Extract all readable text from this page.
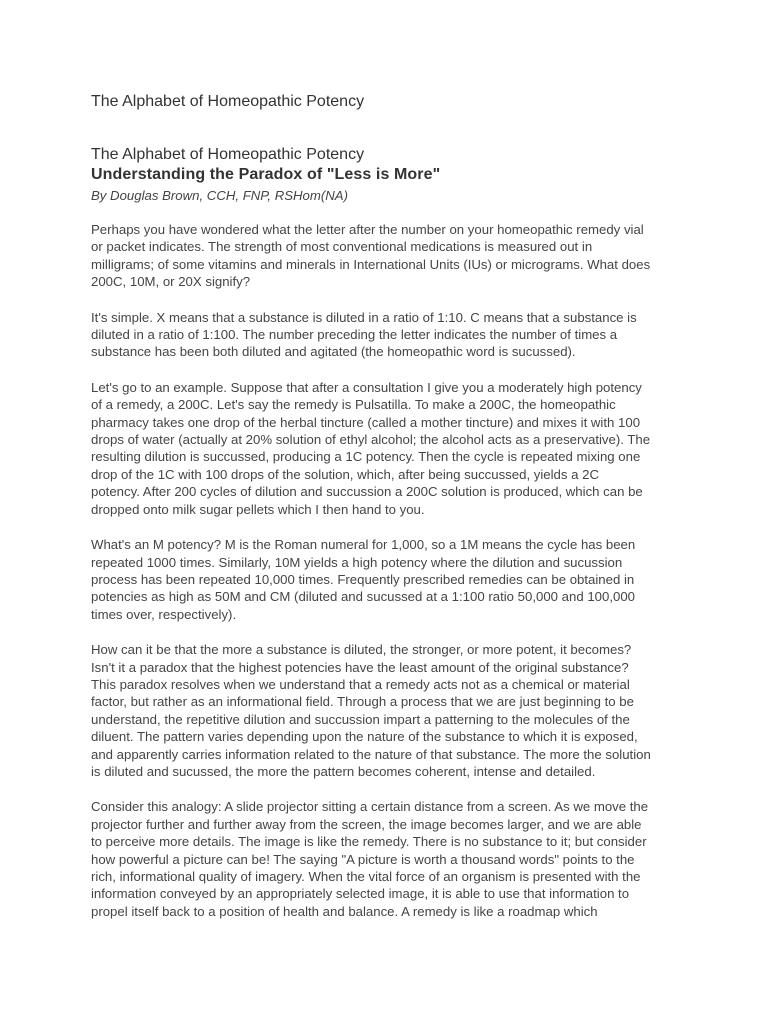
The Alphabet of Homeopathic Potency
The Alphabet of Homeopathic Potency
Understanding the Paradox of "Less is More"
By Douglas Brown, CCH, FNP, RSHom(NA)

Perhaps you have wondered what the letter after the number on your homeopathic remedy vial
or packet indicates. The strength of most conventional medications is measured out in
milligrams; of some vitamins and minerals in International Units (IUs) or micrograms. What does
200C, 10M, or 20X signify?

It's simple. X means that a substance is diluted in a ratio of 1:10. C means that a substance is
diluted in a ratio of 1:100. The number preceding the letter indicates the number of times a
substance has been both diluted and agitated (the homeopathic word is sucussed).

Let's go to an example. Suppose that after a consultation I give you a moderately high potency
of a remedy, a 200C. Let's say the remedy is Pulsatilla. To make a 200C, the homeopathic
pharmacy takes one drop of the herbal tincture (called a mother tincture) and mixes it with 100
drops of water (actually at 20% solution of ethyl alcohol; the alcohol acts as a preservative). The
resulting dilution is succussed, producing a 1C potency. Then the cycle is repeated mixing one
drop of the 1C with 100 drops of the solution, which, after being succussed, yields a 2C
potency. After 200 cycles of dilution and succussion a 200C solution is produced, which can be
dropped onto milk sugar pellets which I then hand to you.

What's an M potency? M is the Roman numeral for 1,000, so a 1M means the cycle has been
repeated 1000 times. Similarly, 10M yields a high potency where the dilution and sucussion
process has been repeated 10,000 times. Frequently prescribed remedies can be obtained in
potencies as high as 50M and CM (diluted and sucussed at a 1:100 ratio 50,000 and 100,000
times over, respectively).

How can it be that the more a substance is diluted, the stronger, or more potent, it becomes?
Isn't it a paradox that the highest potencies have the least amount of the original substance?
This paradox resolves when we understand that a remedy acts not as a chemical or material
factor, but rather as an informational field. Through a process that we are just beginning to be
understand, the repetitive dilution and succussion impart a patterning to the molecules of the
diluent. The pattern varies depending upon the nature of the substance to which it is exposed,
and apparently carries information related to the nature of that substance. The more the solution
is diluted and sucussed, the more the pattern becomes coherent, intense and detailed.

Consider this analogy: A slide projector sitting a certain distance from a screen. As we move the
projector further and further away from the screen, the image becomes larger, and we are able
to perceive more details. The image is like the remedy. There is no substance to it; but consider
how powerful a picture can be! The saying "A picture is worth a thousand words" points to the
rich, informational quality of imagery. When the vital force of an organism is presented with the
information conveyed by an appropriately selected image, it is able to use that information to
propel itself back to a position of health and balance. A remedy is like a roadmap which
